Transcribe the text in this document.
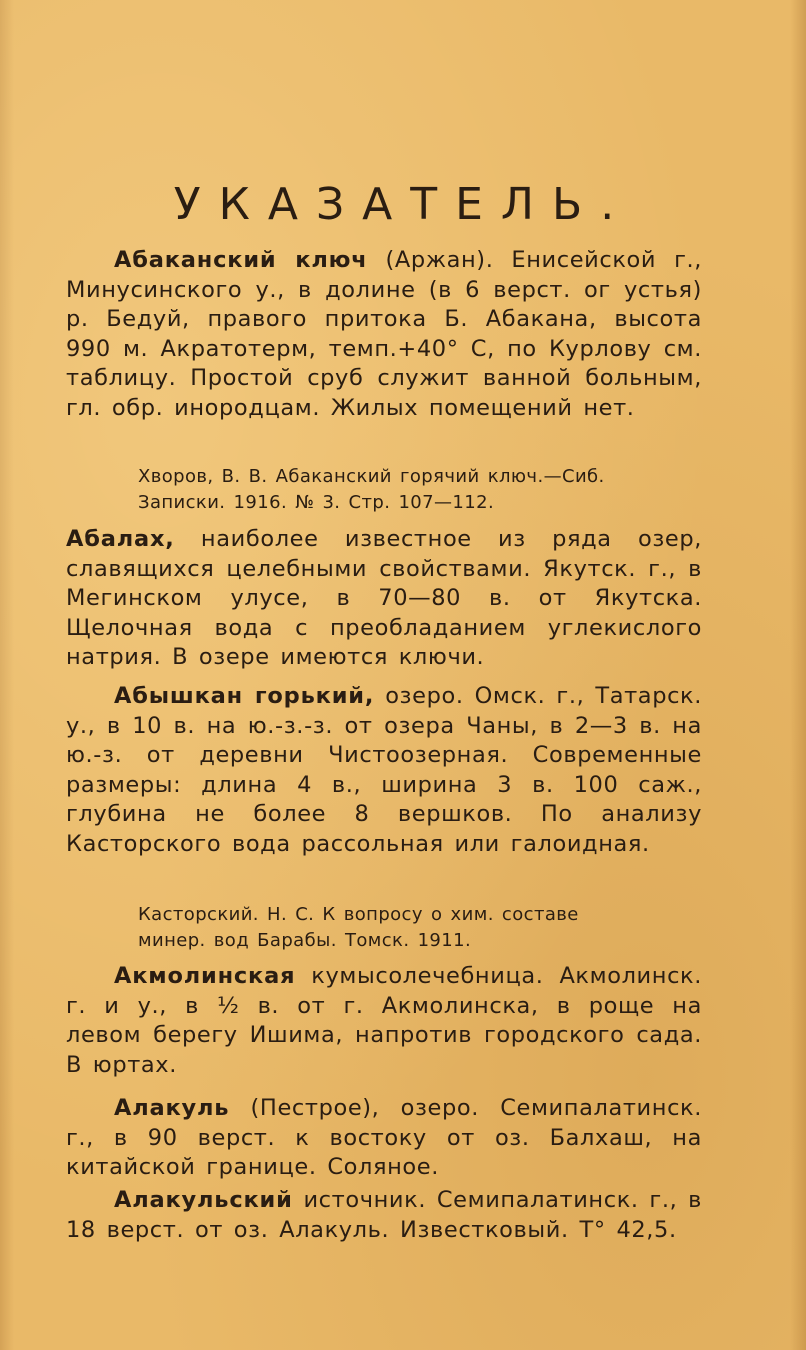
УКАЗАТЕЛЬ.

Абаканский ключ (Аржан). Енисейской г., Минусинского у., в долине (в 6 верст. ог устья) р. Бедуй, правого притока Б. Абакана, высота 990 м. Акратотерм, темп.+40° С, по Курлову см. таблицу. Простой сруб служит ванной больным, гл. обр. инородцам. Жилых помещений нет.

Хворов, В. В. Абаканский горячий ключ.—Сиб.
Записки. 1916. № 3. Стр. 107—112.

Абалах, наиболее известное из ряда озер, славящихся целебными свойствами. Якутск. г., в Мегинском улусе, в 70—80 в. от Якутска. Щелочная вода с преобладанием углекислого натрия. В озере имеются ключи.

Абышкан горький, озеро. Омск. г., Татарск. у., в 10 в. на ю.-з.-з. от озера Чаны, в 2—3 в. на ю.-з. от деревни Чистоозерная. Современные размеры: длина 4 в., ширина 3 в. 100 саж., глубина не более 8 вершков. По анализу Касторского вода рассольная или галоидная.

Касторский. Н. С. К вопросу о хим. составе
минер. вод Барабы. Томск. 1911.

Акмолинская кумысолечебница. Акмолинск. г. и у., в ½ в. от г. Акмолинска, в роще на левом берегу Ишима, напротив городского сада. В юртах.

Алакуль (Пестрое), озеро. Семипалатинск. г., в 90 верст. к востоку от оз. Балхаш, на китайской границе. Соляное.

Алакульский источник. Семипалатинск. г., в 18 верст. от оз. Алакуль. Известковый. Т° 42,5.
